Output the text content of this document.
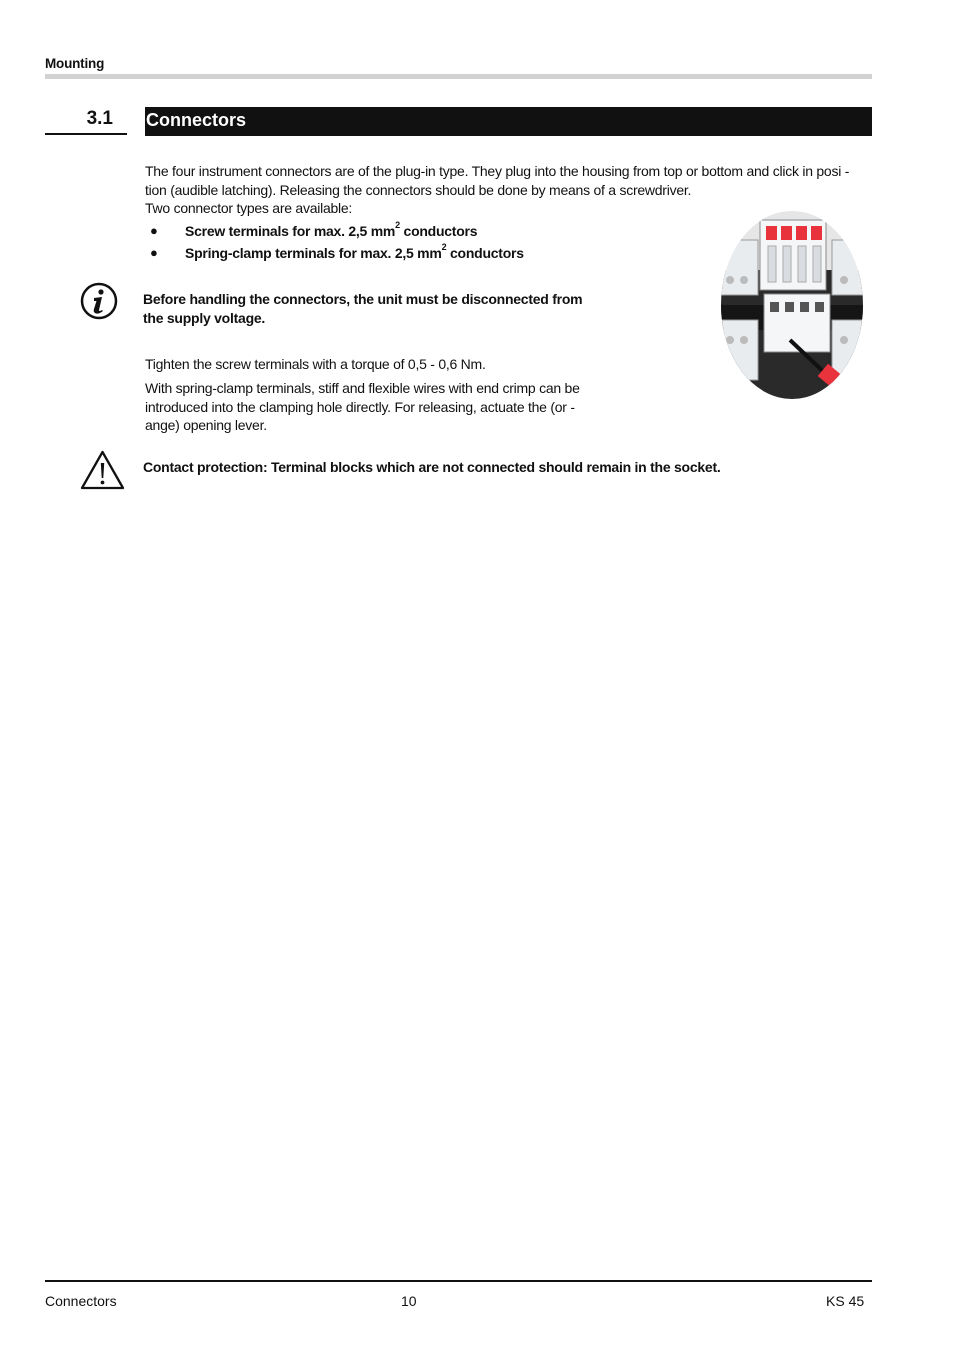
Mounting
3.1 Connectors
The four instrument connectors are of the plug-in type. They plug into the housing from top or bottom and click in posi -
tion (audible latching). Releasing the connectors should be done by means of a screwdriver.
Two connector types are available:
●	Screw terminals for max. 2,5 $mm^2$ conductors
●	Spring-clamp terminals for max. 2,5 $mm^2$ conductors
Before handling the connectors, the unit must be disconnected from
the supply voltage.
Tighten the screw terminals with a torque of 0,5 - 0,6 Nm.
With spring-clamp terminals, stiff and flexible wires with end crimp can be
introduced into the clamping hole directly. For releasing, actuate the (or -
ange) opening lever.
Contact protection: Terminal blocks which are not connected should remain in the socket.
Connectors	10	KS 45
